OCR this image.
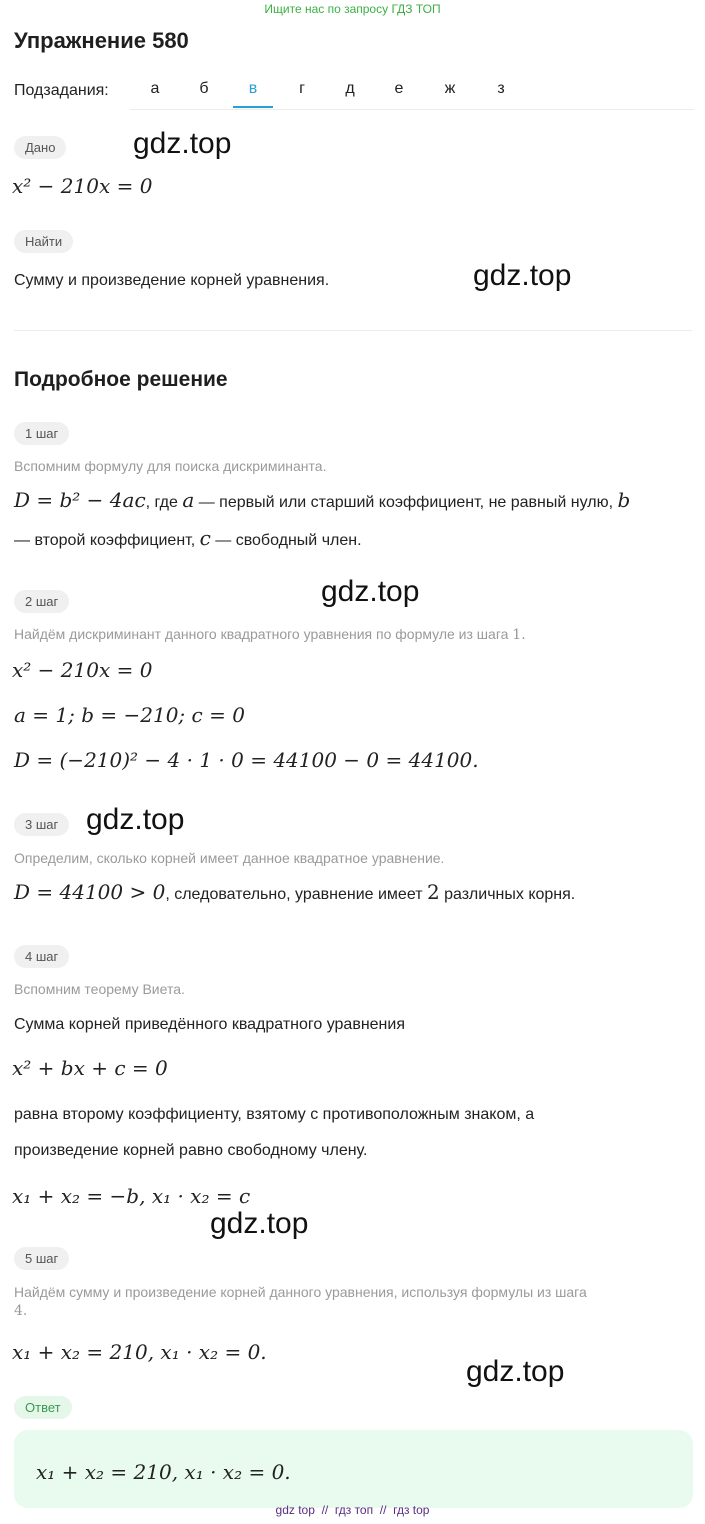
Ищите нас по запросу ГДЗ ТОП
Упражнение 580
Подзадания:	а	б	в	г	д	е	ж	з
Дано
x² − 210x = 0
Найти
Сумму и произведение корней уравнения.
Подробное решение
1 шаг
Вспомним формулу для поиска дискриминанта.
D = b² − 4ac, где a — первый или старший коэффициент, не равный нулю, b
— второй коэффициент, c — свободный член.
2 шаг
Найдём дискриминант данного квадратного уравнения по формуле из шага 1.
x² − 210x = 0
a = 1; b = −210; c = 0
D = (−210)² − 4 · 1 · 0 = 44100 − 0 = 44100.
3 шаг
Определим, сколько корней имеет данное квадратное уравнение.
D = 44100 > 0, следовательно, уравнение имеет 2 различных корня.
4 шаг
Вспомним теорему Виета.
Сумма корней приведённого квадратного уравнения
x² + bx + c = 0
равна второму коэффициенту, взятому с противоположным знаком, а
произведение корней равно свободному члену.
x₁ + x₂ = −b, x₁ · x₂ = c
5 шаг
Найдём сумму и произведение корней данного уравнения, используя формулы из шага
4.
x₁ + x₂ = 210, x₁ · x₂ = 0.
Ответ
x₁ + x₂ = 210, x₁ · x₂ = 0.
gdz.top
gdz.top
gdz.top
gdz.top
gdz.top
gdz.top
gdz top  //  гдз топ  //  гдз top
